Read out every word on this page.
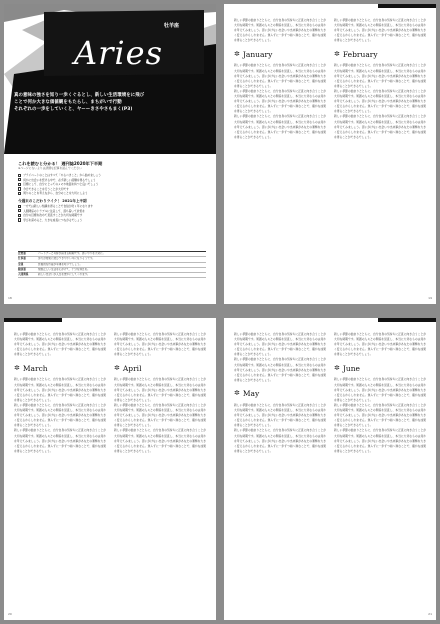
牡羊座
Aries
真の意味の強さを知り一歩くぐるとし、新しい生活環境をに飛び
ことで何か大きな価値観をもたらし、まちがいで行動
それぞれの一歩をしていくと、ヤーーきさやさもまく(P3)
これを読むと分かる！ 週刊誌2020年下半期
※ページにないよりは詳細な記事を読んでください
プライベートのことはすべて「やるべきこと」から始めましょう
何かに出会いを続ける中で、必ず新しい経験を得るでしょう
目標にして、自分にとってのメモや地図を持つと良いでしょう
今日できることを行うことが大切です
周りのことを考えながら、自分のことを大切にしよう
今週末のこだわりライク！ 2021年上半期
一方では新しい知識を得ることで自信が付く年になります
人間関係のトラブルに注意して、落ち着いて対処を
自分の目標を改めて見直すことが大切な時期です
学びを深めると、大きな成長につながるでしょう
恋愛運	パートナーとの絆が深まる時期です。思いやりを大切に。
仕事運	努力が結果に結びつきやすい年になりそうです。
金運	計画的な貯蓄が幸運を呼ぶでしょう。
健康運	規則正しい生活を心がけて、十分な休息を。
人間関係	新しい出会いが人生を豊かにしてくれます。
18
新しい季節の始まりとともに、自分自身の気持ちに正直に向き合うことが大切な時期です。周囲の人々との関係を見直し、本当に大切なものは何かを考えてみましょう。思いがけない出会いや出来事があなたの運勢を大きく変えるかもしれません。焦らずに一歩ずつ前へ進むことで、確かな成果を得ることができるでしょう。
✲ January
新しい季節の始まりとともに、自分自身の気持ちに正直に向き合うことが大切な時期です。周囲の人々との関係を見直し、本当に大切なものは何かを考えてみましょう。思いがけない出会いや出来事があなたの運勢を大きく変えるかもしれません。焦らずに一歩ずつ前へ進むことで、確かな成果を得ることができるでしょう。
新しい季節の始まりとともに、自分自身の気持ちに正直に向き合うことが大切な時期です。周囲の人々との関係を見直し、本当に大切なものは何かを考えてみましょう。思いがけない出会いや出来事があなたの運勢を大きく変えるかもしれません。焦らずに一歩ずつ前へ進むことで、確かな成果を得ることができるでしょう。
新しい季節の始まりとともに、自分自身の気持ちに正直に向き合うことが大切な時期です。周囲の人々との関係を見直し、本当に大切なものは何かを考えてみましょう。思いがけない出会いや出来事があなたの運勢を大きく変えるかもしれません。焦らずに一歩ずつ前へ進むことで、確かな成果を得ることができるでしょう。
新しい季節の始まりとともに、自分自身の気持ちに正直に向き合うことが大切な時期です。周囲の人々との関係を見直し、本当に大切なものは何かを考えてみましょう。思いがけない出会いや出来事があなたの運勢を大きく変えるかもしれません。焦らずに一歩ずつ前へ進むことで、確かな成果を得ることができるでしょう。
✲ February
新しい季節の始まりとともに、自分自身の気持ちに正直に向き合うことが大切な時期です。周囲の人々との関係を見直し、本当に大切なものは何かを考えてみましょう。思いがけない出会いや出来事があなたの運勢を大きく変えるかもしれません。焦らずに一歩ずつ前へ進むことで、確かな成果を得ることができるでしょう。
新しい季節の始まりとともに、自分自身の気持ちに正直に向き合うことが大切な時期です。周囲の人々との関係を見直し、本当に大切なものは何かを考えてみましょう。思いがけない出会いや出来事があなたの運勢を大きく変えるかもしれません。焦らずに一歩ずつ前へ進むことで、確かな成果を得ることができるでしょう。
新しい季節の始まりとともに、自分自身の気持ちに正直に向き合うことが大切な時期です。周囲の人々との関係を見直し、本当に大切なものは何かを考えてみましょう。思いがけない出会いや出来事があなたの運勢を大きく変えるかもしれません。焦らずに一歩ずつ前へ進むことで、確かな成果を得ることができるでしょう。
19
新しい季節の始まりとともに、自分自身の気持ちに正直に向き合うことが大切な時期です。周囲の人々との関係を見直し、本当に大切なものは何かを考えてみましょう。思いがけない出会いや出来事があなたの運勢を大きく変えるかもしれません。焦らずに一歩ずつ前へ進むことで、確かな成果を得ることができるでしょう。
✲ March
新しい季節の始まりとともに、自分自身の気持ちに正直に向き合うことが大切な時期です。周囲の人々との関係を見直し、本当に大切なものは何かを考えてみましょう。思いがけない出会いや出来事があなたの運勢を大きく変えるかもしれません。焦らずに一歩ずつ前へ進むことで、確かな成果を得ることができるでしょう。
新しい季節の始まりとともに、自分自身の気持ちに正直に向き合うことが大切な時期です。周囲の人々との関係を見直し、本当に大切なものは何かを考えてみましょう。思いがけない出会いや出来事があなたの運勢を大きく変えるかもしれません。焦らずに一歩ずつ前へ進むことで、確かな成果を得ることができるでしょう。
新しい季節の始まりとともに、自分自身の気持ちに正直に向き合うことが大切な時期です。周囲の人々との関係を見直し、本当に大切なものは何かを考えてみましょう。思いがけない出会いや出来事があなたの運勢を大きく変えるかもしれません。焦らずに一歩ずつ前へ進むことで、確かな成果を得ることができるでしょう。
新しい季節の始まりとともに、自分自身の気持ちに正直に向き合うことが大切な時期です。周囲の人々との関係を見直し、本当に大切なものは何かを考えてみましょう。思いがけない出会いや出来事があなたの運勢を大きく変えるかもしれません。焦らずに一歩ずつ前へ進むことで、確かな成果を得ることができるでしょう。
✲ April
新しい季節の始まりとともに、自分自身の気持ちに正直に向き合うことが大切な時期です。周囲の人々との関係を見直し、本当に大切なものは何かを考えてみましょう。思いがけない出会いや出来事があなたの運勢を大きく変えるかもしれません。焦らずに一歩ずつ前へ進むことで、確かな成果を得ることができるでしょう。
新しい季節の始まりとともに、自分自身の気持ちに正直に向き合うことが大切な時期です。周囲の人々との関係を見直し、本当に大切なものは何かを考えてみましょう。思いがけない出会いや出来事があなたの運勢を大きく変えるかもしれません。焦らずに一歩ずつ前へ進むことで、確かな成果を得ることができるでしょう。
新しい季節の始まりとともに、自分自身の気持ちに正直に向き合うことが大切な時期です。周囲の人々との関係を見直し、本当に大切なものは何かを考えてみましょう。思いがけない出会いや出来事があなたの運勢を大きく変えるかもしれません。焦らずに一歩ずつ前へ進むことで、確かな成果を得ることができるでしょう。
20
新しい季節の始まりとともに、自分自身の気持ちに正直に向き合うことが大切な時期です。周囲の人々との関係を見直し、本当に大切なものは何かを考えてみましょう。思いがけない出会いや出来事があなたの運勢を大きく変えるかもしれません。焦らずに一歩ずつ前へ進むことで、確かな成果を得ることができるでしょう。
新しい季節の始まりとともに、自分自身の気持ちに正直に向き合うことが大切な時期です。周囲の人々との関係を見直し、本当に大切なものは何かを考えてみましょう。思いがけない出会いや出来事があなたの運勢を大きく変えるかもしれません。焦らずに一歩ずつ前へ進むことで、確かな成果を得ることができるでしょう。
✲ May
新しい季節の始まりとともに、自分自身の気持ちに正直に向き合うことが大切な時期です。周囲の人々との関係を見直し、本当に大切なものは何かを考えてみましょう。思いがけない出会いや出来事があなたの運勢を大きく変えるかもしれません。焦らずに一歩ずつ前へ進むことで、確かな成果を得ることができるでしょう。
新しい季節の始まりとともに、自分自身の気持ちに正直に向き合うことが大切な時期です。周囲の人々との関係を見直し、本当に大切なものは何かを考えてみましょう。思いがけない出会いや出来事があなたの運勢を大きく変えるかもしれません。焦らずに一歩ずつ前へ進むことで、確かな成果を得ることができるでしょう。
新しい季節の始まりとともに、自分自身の気持ちに正直に向き合うことが大切な時期です。周囲の人々との関係を見直し、本当に大切なものは何かを考えてみましょう。思いがけない出会いや出来事があなたの運勢を大きく変えるかもしれません。焦らずに一歩ずつ前へ進むことで、確かな成果を得ることができるでしょう。
✲ June
新しい季節の始まりとともに、自分自身の気持ちに正直に向き合うことが大切な時期です。周囲の人々との関係を見直し、本当に大切なものは何かを考えてみましょう。思いがけない出会いや出来事があなたの運勢を大きく変えるかもしれません。焦らずに一歩ずつ前へ進むことで、確かな成果を得ることができるでしょう。
新しい季節の始まりとともに、自分自身の気持ちに正直に向き合うことが大切な時期です。周囲の人々との関係を見直し、本当に大切なものは何かを考えてみましょう。思いがけない出会いや出来事があなたの運勢を大きく変えるかもしれません。焦らずに一歩ずつ前へ進むことで、確かな成果を得ることができるでしょう。
新しい季節の始まりとともに、自分自身の気持ちに正直に向き合うことが大切な時期です。周囲の人々との関係を見直し、本当に大切なものは何かを考えてみましょう。思いがけない出会いや出来事があなたの運勢を大きく変えるかもしれません。焦らずに一歩ずつ前へ進むことで、確かな成果を得ることができるでしょう。
21
